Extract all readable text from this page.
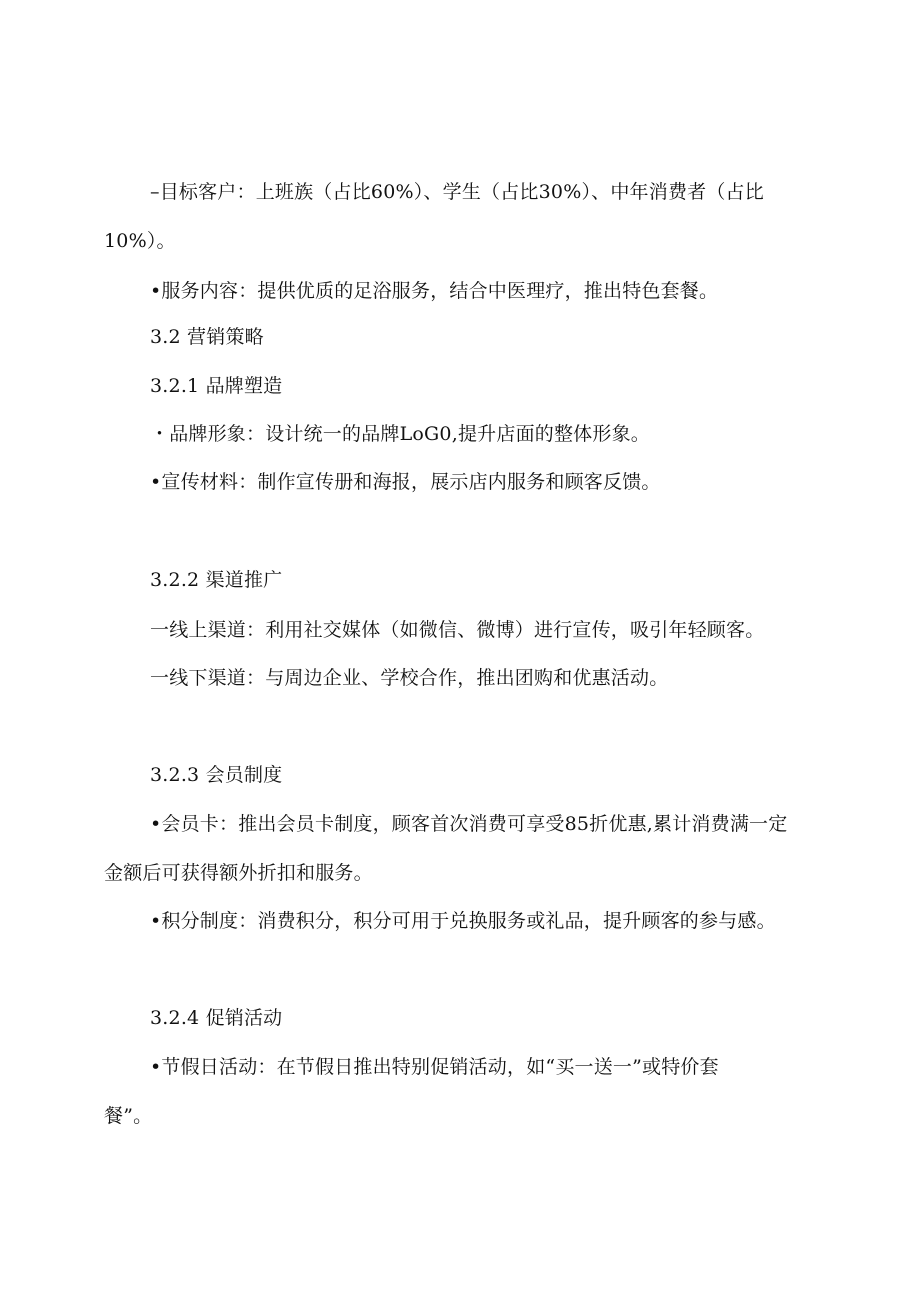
–目标客户：上班族（占比60%）、学生（占比30%）、中年消费者（占比
10%）。
•服务内容：提供优质的足浴服务，结合中医理疗，推出特色套餐。
3.2 营销策略
3.2.1 品牌塑造
・品牌形象：设计统一的品牌LoG0,提升店面的整体形象。
•宣传材料：制作宣传册和海报，展示店内服务和顾客反馈。
3.2.2 渠道推广
一线上渠道：利用社交媒体（如微信、微博）进行宣传，吸引年轻顾客。
一线下渠道：与周边企业、学校合作，推出团购和优惠活动。
3.2.3 会员制度
•会员卡：推出会员卡制度，顾客首次消费可享受85折优惠,累计消费满一定
金额后可获得额外折扣和服务。
•积分制度：消费积分，积分可用于兑换服务或礼品，提升顾客的参与感。
3.2.4 促销活动
•节假日活动：在节假日推出特别促销活动，如“买一送一”或特价套
餐”。
